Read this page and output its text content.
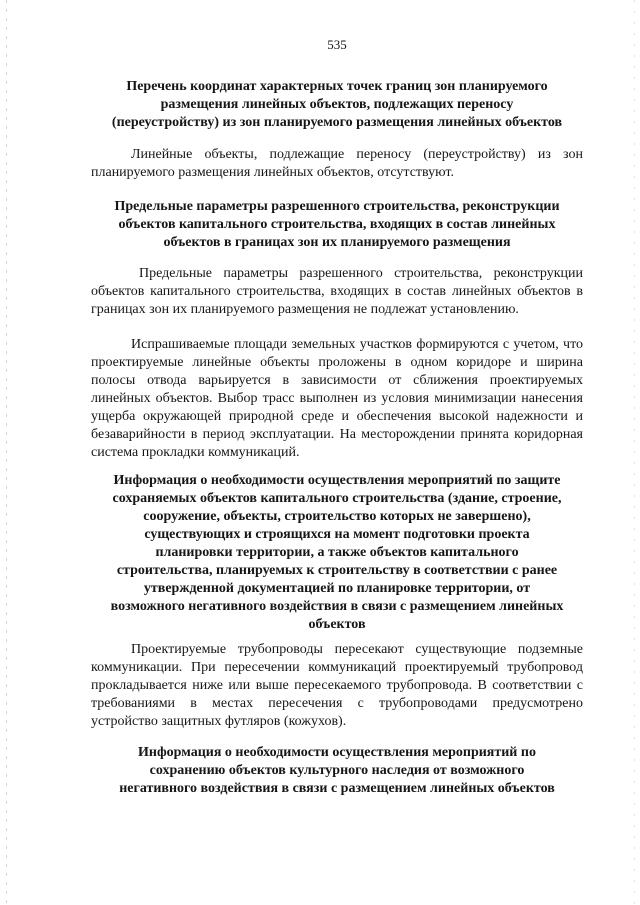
535
Перечень координат характерных точек границ зон планируемого
размещения линейных объектов, подлежащих переносу
(переустройству) из зон планируемого размещения линейных объектов
Линейные объекты, подлежащие переносу (переустройству) из зон планируемого размещения линейных объектов, отсутствуют.
Предельные параметры разрешенного строительства, реконструкции
объектов капитального строительства, входящих в состав линейных
объектов в границах зон их планируемого размещения
Предельные параметры разрешенного строительства, реконструкции объектов капитального строительства, входящих в состав линейных объектов в границах зон их планируемого размещения не подлежат установлению.
Испрашиваемые площади земельных участков формируются с учетом, что проектируемые линейные объекты проложены в одном коридоре и ширина полосы отвода варьируется в зависимости от сближения проектируемых линейных объектов. Выбор трасс выполнен из условия минимизации нанесения ущерба окружающей природной среде и обеспечения высокой надежности и безаварийности в период эксплуатации. На месторождении принята коридорная система прокладки коммуникаций.
Информация о необходимости осуществления мероприятий по защите
сохраняемых объектов капитального строительства (здание, строение,
сооружение, объекты, строительство которых не завершено),
существующих и строящихся на момент подготовки проекта
планировки территории, а также объектов капитального
строительства, планируемых к строительству в соответствии с ранее
утвержденной документацией по планировке территории, от
возможного негативного воздействия в связи с размещением линейных
объектов
Проектируемые трубопроводы пересекают существующие подземные коммуникации. При пересечении коммуникаций проектируемый трубопровод прокладывается ниже или выше пересекаемого трубопровода. В соответствии с требованиями в местах пересечения с трубопроводами предусмотрено устройство защитных футляров (кожухов).
Информация о необходимости осуществления мероприятий по
сохранению объектов культурного наследия от возможного
негативного воздействия в связи с размещением линейных объектов
